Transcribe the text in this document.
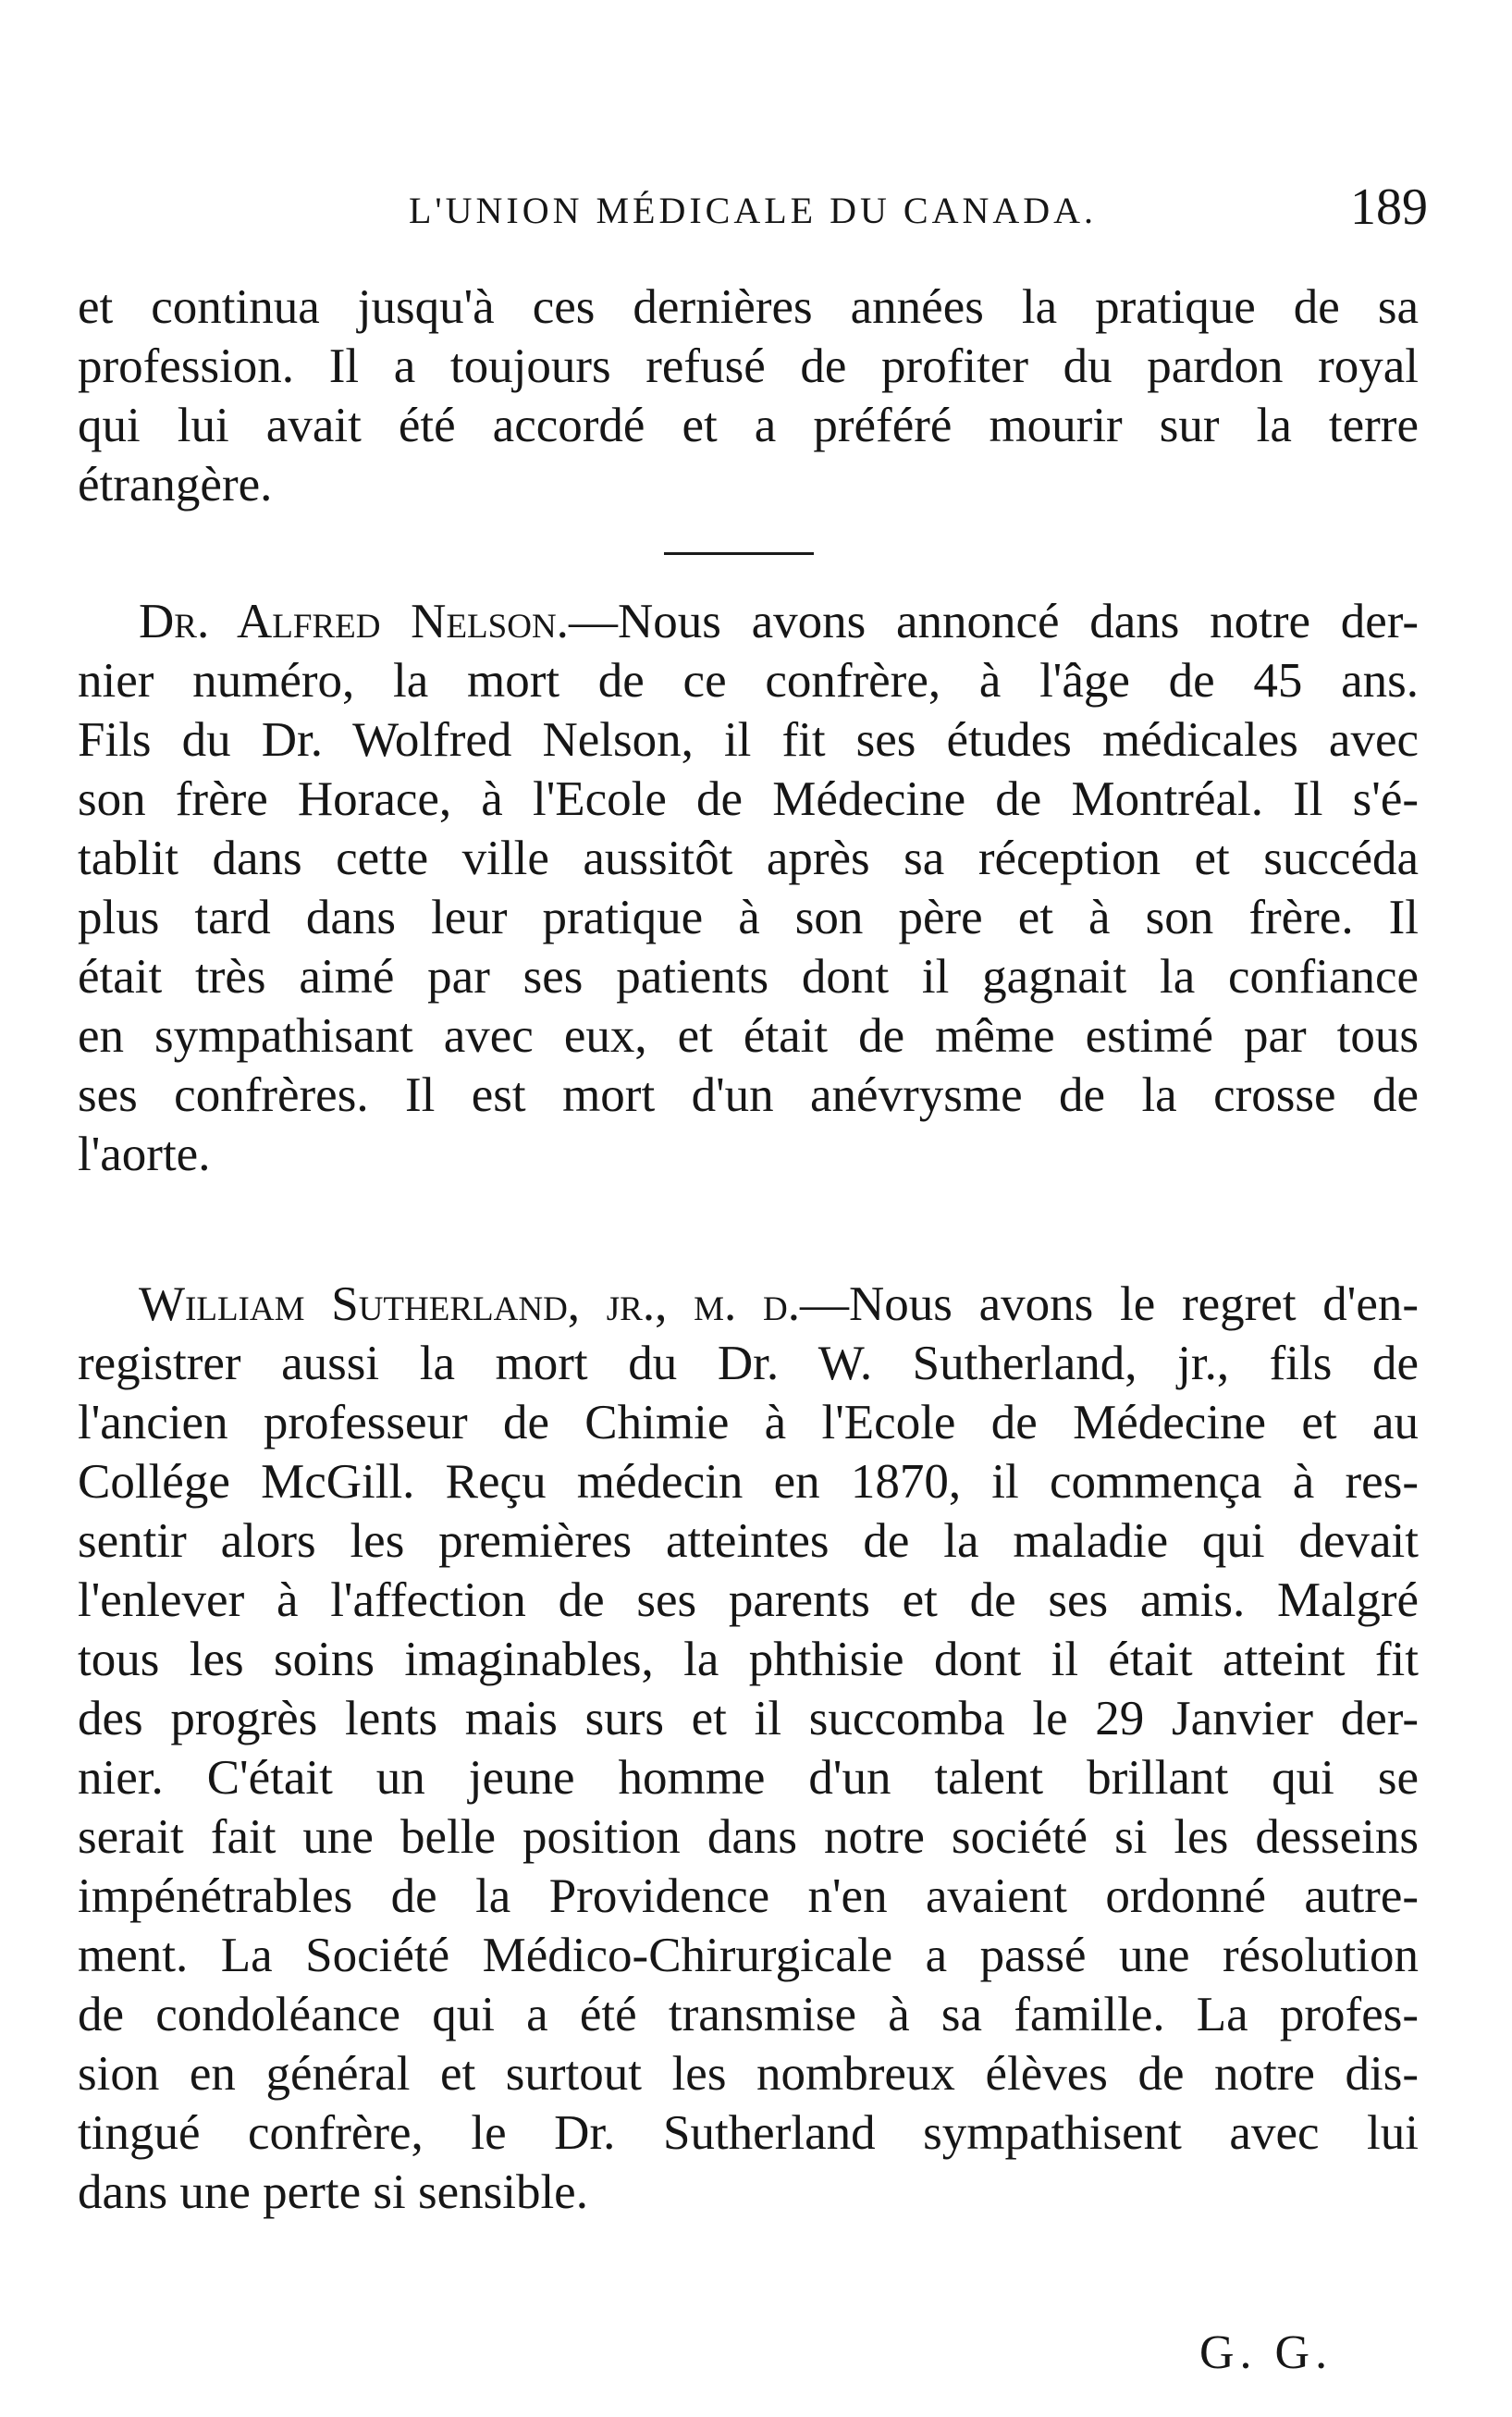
L'UNION MÉDICALE DU CANADA.	189
et continua jusqu'à ces dernières années la pratique de sa
profession. Il a toujours refusé de profiter du pardon royal
qui lui avait été accordé et a préféré mourir sur la terre
étrangère.
Dr. Alfred Nelson.—Nous avons annoncé dans notre der-
nier numéro, la mort de ce confrère, à l'âge de 45 ans.
Fils du Dr. Wolfred Nelson, il fit ses études médicales avec
son frère Horace, à l'Ecole de Médecine de Montréal. Il s'é-
tablit dans cette ville aussitôt après sa réception et succéda
plus tard dans leur pratique à son père et à son frère. Il
était très aimé par ses patients dont il gagnait la confiance
en sympathisant avec eux, et était de même estimé par tous
ses confrères. Il est mort d'un anévrysme de la crosse de
l'aorte.
William Sutherland, jr., m. d.—Nous avons le regret d'en-
registrer aussi la mort du Dr. W. Sutherland, jr., fils de
l'ancien professeur de Chimie à l'Ecole de Médecine et au
Collége McGill. Reçu médecin en 1870, il commença à res-
sentir alors les premières atteintes de la maladie qui devait
l'enlever à l'affection de ses parents et de ses amis. Malgré
tous les soins imaginables, la phthisie dont il était atteint fit
des progrès lents mais surs et il succomba le 29 Janvier der-
nier. C'était un jeune homme d'un talent brillant qui se
serait fait une belle position dans notre société si les desseins
impénétrables de la Providence n'en avaient ordonné autre-
ment. La Société Médico-Chirurgicale a passé une résolution
de condoléance qui a été transmise à sa famille. La profes-
sion en général et surtout les nombreux élèves de notre dis-
tingué confrère, le Dr. Sutherland sympathisent avec lui
dans une perte si sensible.
G. G.
